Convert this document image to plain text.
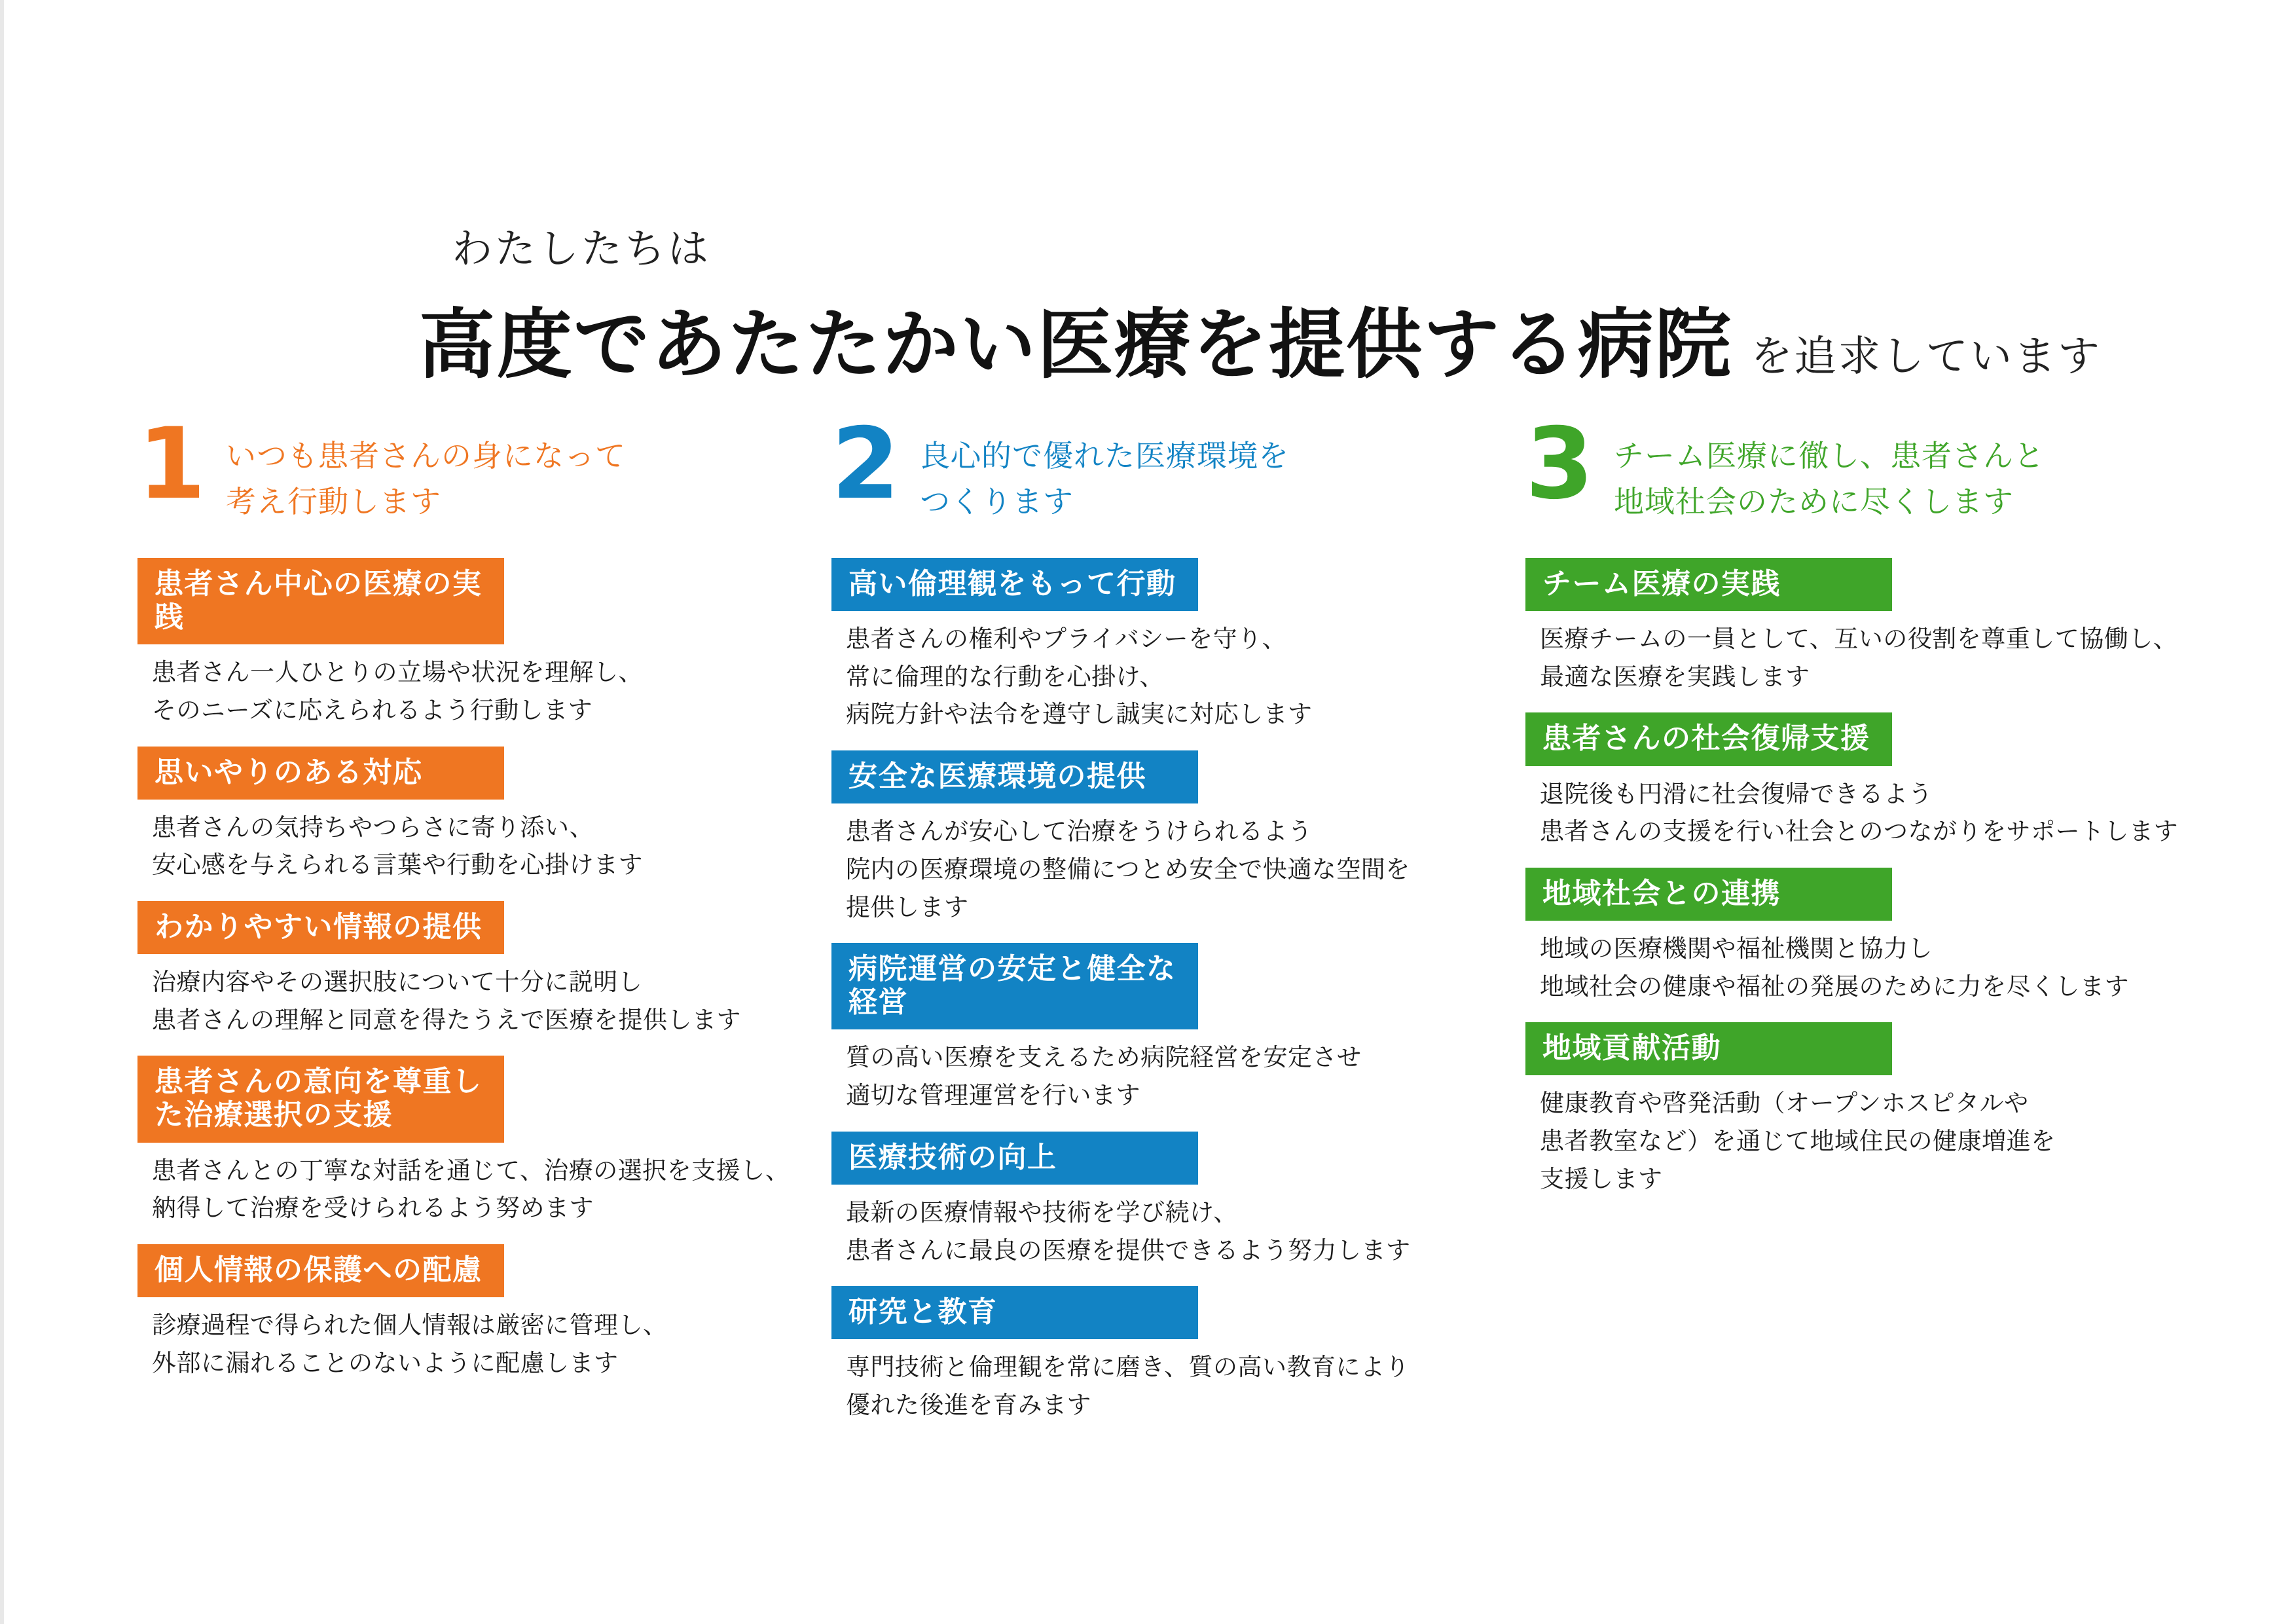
わたしたちは
高度であたたかい医療を提供する病院 を追求しています
1 いつも患者さんの身になって
考え行動します
患者さん中心の医療の実践
患者さん一人ひとりの立場や状況を理解し、
そのニーズに応えられるよう行動します
思いやりのある対応
患者さんの気持ちやつらさに寄り添い、
安心感を与えられる言葉や行動を心掛けます
わかりやすい情報の提供
治療内容やその選択肢について十分に説明し
患者さんの理解と同意を得たうえで医療を提供します
患者さんの意向を尊重した治療選択の支援
患者さんとの丁寧な対話を通じて、治療の選択を支援し、
納得して治療を受けられるよう努めます
個人情報の保護への配慮
診療過程で得られた個人情報は厳密に管理し、
外部に漏れることのないように配慮します
2 良心的で優れた医療環境を
つくります
高い倫理観をもって行動
患者さんの権利やプライバシーを守り、
常に倫理的な行動を心掛け、
病院方針や法令を遵守し誠実に対応します
安全な医療環境の提供
患者さんが安心して治療をうけられるよう
院内の医療環境の整備につとめ安全で快適な空間を
提供します
病院運営の安定と健全な経営
質の高い医療を支えるため病院経営を安定させ
適切な管理運営を行います
医療技術の向上
最新の医療情報や技術を学び続け、
患者さんに最良の医療を提供できるよう努力します
研究と教育
専門技術と倫理観を常に磨き、質の高い教育により
優れた後進を育みます
3 チーム医療に徹し、患者さんと
地域社会のために尽くします
チーム医療の実践
医療チームの一員として、互いの役割を尊重して協働し、
最適な医療を実践します
患者さんの社会復帰支援
退院後も円滑に社会復帰できるよう
患者さんの支援を行い社会とのつながりをサポートします
地域社会との連携
地域の医療機関や福祉機関と協力し
地域社会の健康や福祉の発展のために力を尽くします
地域貢献活動
健康教育や啓発活動（オープンホスピタルや
患者教室など）を通じて地域住民の健康増進を
支援します
